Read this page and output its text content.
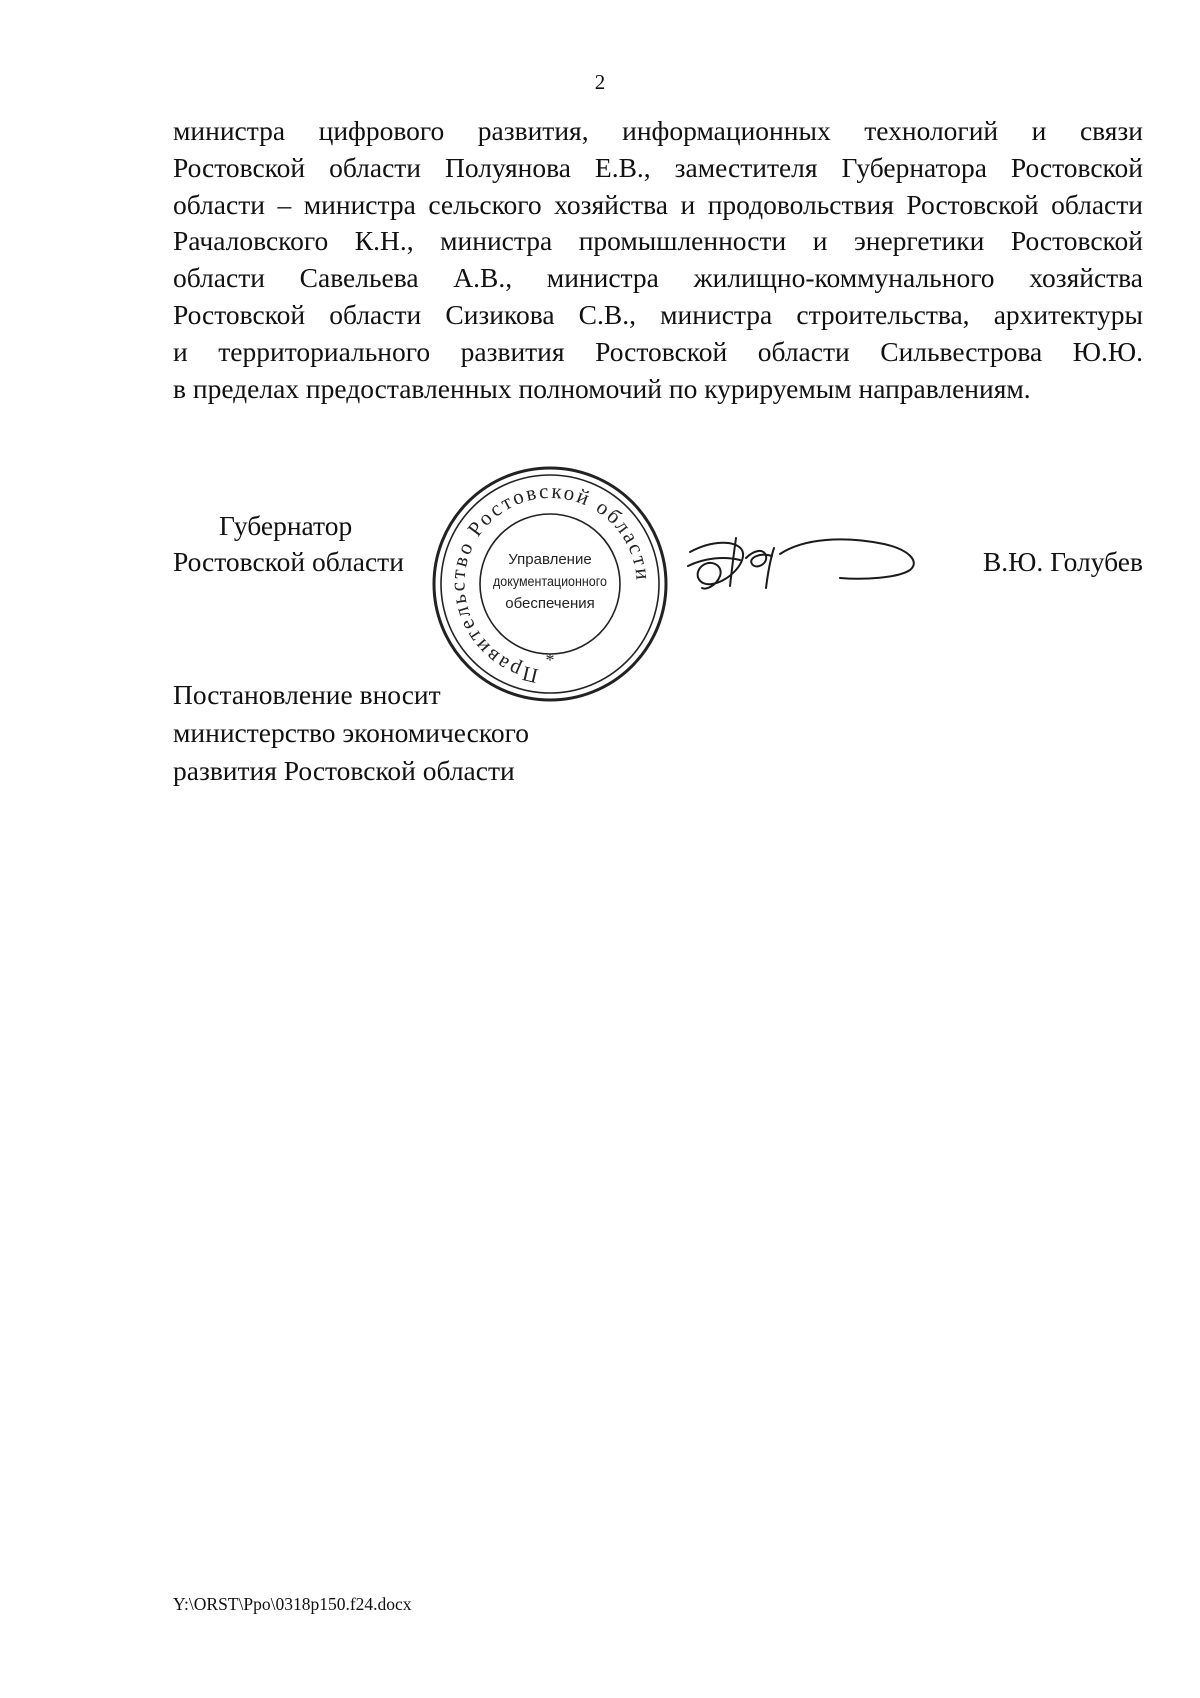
2

министра цифрового развития, информационных технологий и связи
Ростовской области Полуянова Е.В., заместителя Губернатора Ростовской
области – министра сельского хозяйства и продовольствия Ростовской области
Рачаловского К.Н., министра промышленности и энергетики Ростовской
области Савельева А.В., министра жилищно-коммунального хозяйства
Ростовской области Сизикова С.В., министра строительства, архитектуры
и территориального развития Ростовской области Сильвестрова Ю.Ю.
в пределах предоставленных полномочий по курируемым направлениям.

Губернатор
Ростовской области
Правительство Ростовской области
Управление
документационного
обеспечения
*
В.Ю. Голубев
Постановление вносит
министерство экономического
развития Ростовской области
Y:\ORST\Ppo\0318p150.f24.docx
